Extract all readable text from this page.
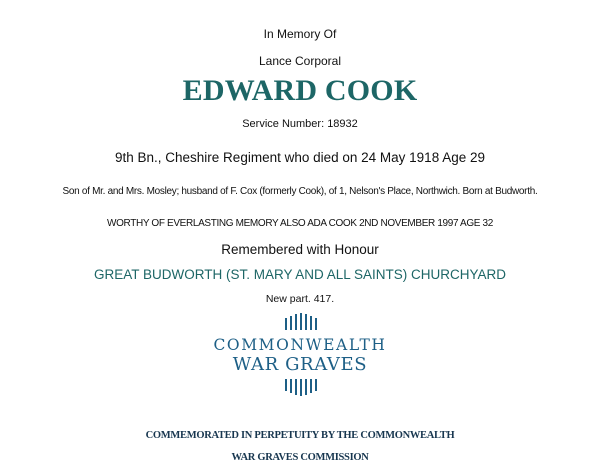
In Memory Of
Lance Corporal
EDWARD COOK
Service Number: 18932
9th Bn., Cheshire Regiment who died on 24 May 1918 Age 29
Son of Mr. and Mrs. Mosley; husband of F. Cox (formerly Cook), of 1, Nelson's Place, Northwich. Born at Budworth.
WORTHY OF EVERLASTING MEMORY ALSO ADA COOK 2ND NOVEMBER 1997 AGE 32
Remembered with Honour
GREAT BUDWORTH (ST. MARY AND ALL SAINTS) CHURCHYARD
New part. 417.
COMMONWEALTH
WAR GRAVES
COMMEMORATED IN PERPETUITY BY THE COMMONWEALTH
WAR GRAVES COMMISSION
